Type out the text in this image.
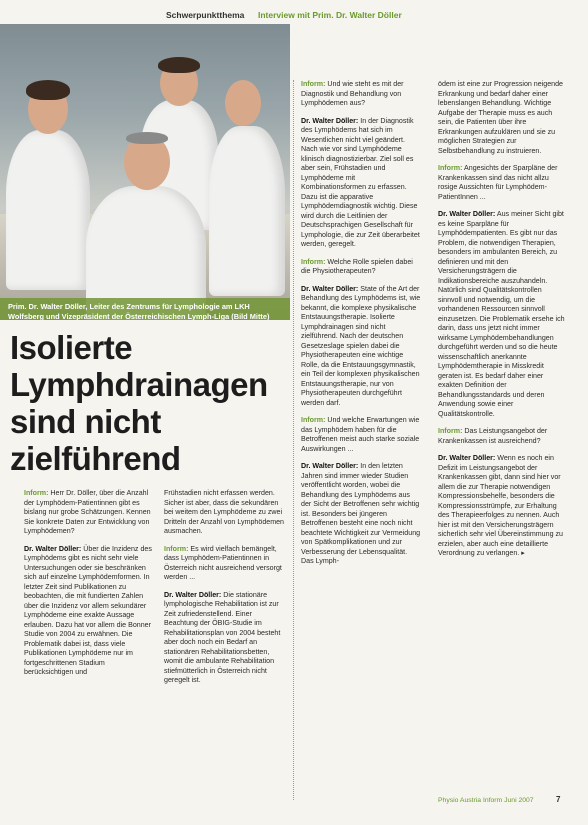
Schwerpunktthema Interview mit Prim. Dr. Walter Döller
Prim. Dr. Walter Döller, Leiter des Zentrums für Lymphologie am LKH Wolfsberg und Vizepräsident der Österreichischen Lymph-Liga (Bild Mitte)
Isolierte Lymphdrainagen sind nicht zielführend

Inform: Herr Dr. Döller, über die Anzahl der Lymphödem-Patientinnen gibt es bislang nur grobe Schätzungen. Kennen Sie konkrete Daten zur Entwicklung von Lymphödemen?

Dr. Walter Döller: Über die Inzidenz des Lymphödems gibt es nicht sehr viele Untersuchungen oder sie beschränken sich auf einzelne Lymphödemformen. In letzter Zeit sind Publikationen zu beobachten, die mit fundierten Zahlen über die Inzidenz vor allem sekundärer Lymphödeme eine exakte Aussage erlauben. Dazu hat vor allem die Bonner Studie von 2004 zu erwähnen. Die Problematik dabei ist, dass viele Publikationen Lymphödeme nur im fortgeschrittenen Stadium berücksichtigen und

Frühstadien nicht erfassen werden. Sicher ist aber, dass die sekundären bei weitem den Lymphödeme zu zwei Dritteln der Anzahl von Lymphödemen ausmachen.

Inform: Es wird vielfach bemängelt, dass Lymphödem-Patientinnen in Österreich nicht ausreichend versorgt werden ...

Dr. Walter Döller: Die stationäre lymphologische Rehabilitation ist zur Zeit zufriedenstellend. Einer Beachtung der ÖBIG-Studie im Rehabilitationsplan von 2004 besteht aber doch noch ein Bedarf an stationären Rehabilitationsbetten, womit die ambulante Rehabilitation stiefmütterlich in Österreich nicht geregelt ist.

Inform: Und wie steht es mit der Diagnostik und Behandlung von Lymphödemen aus?

Dr. Walter Döller: In der Diagnostik des Lymphödems hat sich im Wesentlichen nicht viel geändert. Nach wie vor sind Lymphödeme klinisch diagnostizierbar. Ziel soll es aber sein, Frühstadien und Lymphödeme mit Kombinationsformen zu erfassen. Dazu ist die apparative Lymphödemdiagnostik wichtig. Diese wird durch die Leitlinien der Deutschsprachigen Gesellschaft für Lymphologie, die zur Zeit überarbeitet werden, geregelt.

Inform: Welche Rolle spielen dabei die Physiotherapeuten?

Dr. Walter Döller: State of the Art der Behandlung des Lymphödems ist, wie bekannt, die komplexe physikalische Entstauungstherapie. Isolierte Lymphdrainagen sind nicht zielführend. Nach der deutschen Gesetzeslage spielen dabei die Physiotherapeuten eine wichtige Rolle, da die Entstauungsgymnastik, ein Teil der komplexen physikalischen Entstauungstherapie, nur von Physiotherapeuten durchgeführt werden darf.

Inform: Und welche Erwartungen wie das Lymphödem haben für die Betroffenen meist auch starke soziale Auswirkungen ...

Dr. Walter Döller: In den letzten Jahren sind immer wieder Studien veröffentlicht worden, wobei die Behandlung des Lymphödems aus der Sicht der Betroffenen sehr wichtig ist. Besonders bei jüngeren Betroffenen besteht eine noch nicht beachtete Wichtigkeit zur Vermeidung von Spätkomplikationen und zur Verbesserung der Lebensqualität. Das Lymph-

ödem ist eine zur Progression neigende Erkrankung und bedarf daher einer lebenslangen Behandlung. Wichtige Aufgabe der Therapie muss es auch sein, die Patienten über ihre Erkrankungen aufzuklären und sie zu möglichen Strategien zur Selbstbehandlung zu instruieren.

Inform: Angesichts der Sparpläne der Krankenkassen sind das nicht allzu rosige Aussichten für Lymphödem-PatientInnen ...

Dr. Walter Döller: Aus meiner Sicht gibt es keine Sparpläne für Lymphödempatienten. Es gibt nur das Problem, die notwendigen Therapien, besonders im ambulanten Bereich, zu definieren und mit den Versicherungsträgern die Indikationsbereiche auszuhandeln. Natürlich sind Qualitätskontrollen sinnvoll und notwendig, um die vorhandenen Ressourcen sinnvoll einzusetzen. Die Problematik ersehe ich darin, dass uns jetzt nicht immer wirksame Lymphödembehandlungen durchgeführt werden und so die heute wissenschaftlich anerkannte Lymphödemtherapie in Misskredit geraten ist. Es bedarf daher einer exakten Definition der Behandlungsstandards und deren Anwendung sowie einer Qualitätskontrolle.

Inform: Das Leistungsangebot der Krankenkassen ist ausreichend?

Dr. Walter Döller: Wenn es noch ein Defizit im Leistungsangebot der Krankenkassen gibt, dann sind hier vor allem die zur Therapie notwendigen Kompressionsbehelfe, besonders die Kompressionsstrümpfe, zur Erhaltung des Therapieerfolges zu nennen. Auch hier ist mit den Versicherungsträgern sicherlich sehr viel Übereinstimmung zu erzielen, aber auch eine detaillierte Verordnung zu verlangen. ▸

Physio Austria Inform Juni 2007	7
